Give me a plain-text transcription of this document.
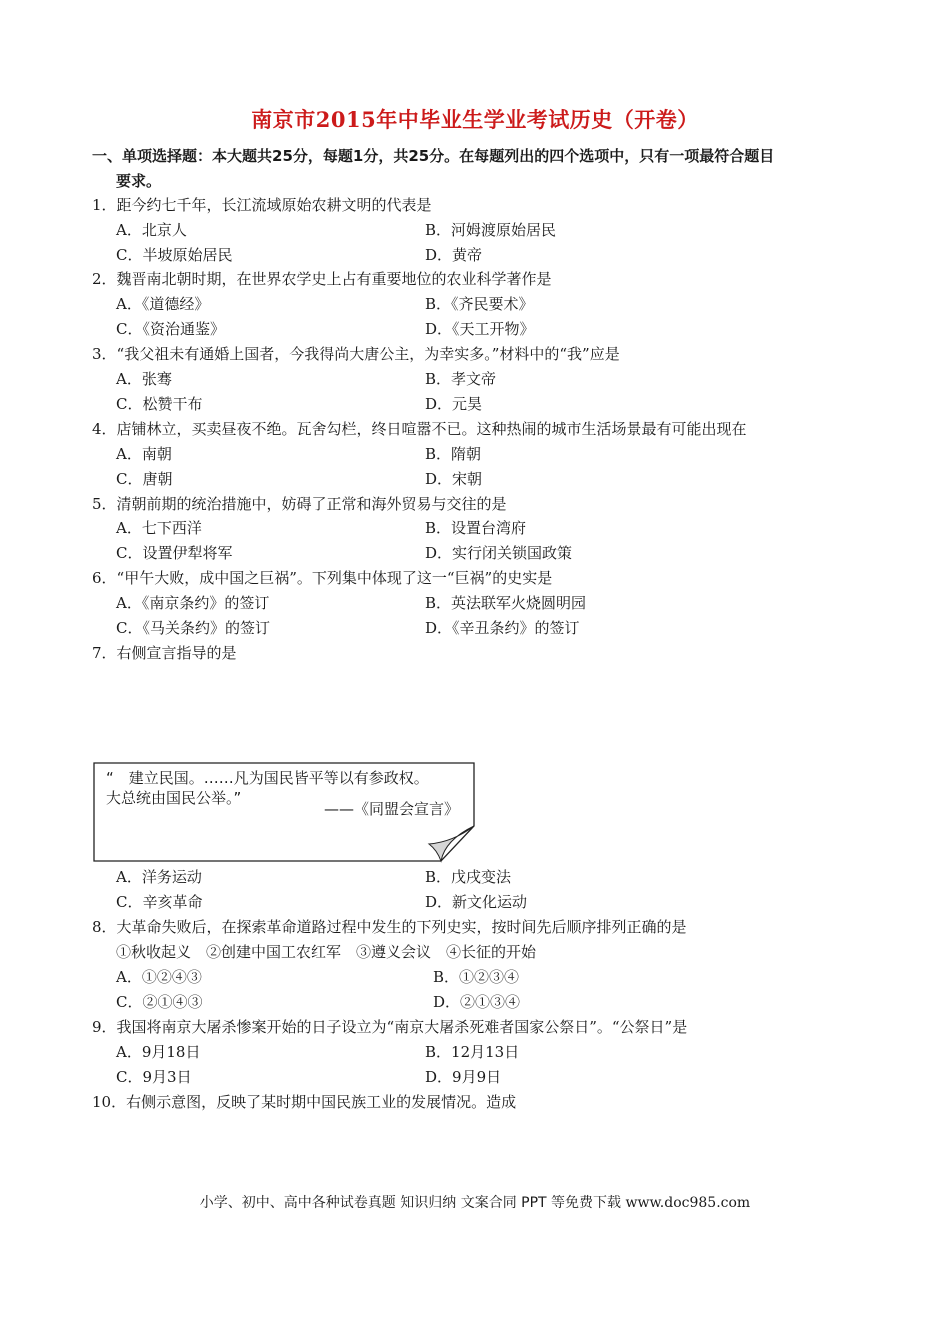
南京市2015年中毕业生学业考试历史（开卷）
一、单项选择题：本大题共25分，每题1分，共25分。在每题列出的四个选项中，只有一项最符合题目
要求。
1．距今约七千年，长江流域原始农耕文明的代表是
A．北京人	B．河姆渡原始居民
C．半坡原始居民	D．黄帝
2．魏晋南北朝时期，在世界农学史上占有重要地位的农业科学著作是
A．《道德经》	B．《齐民要术》
C．《资治通鉴》	D．《天工开物》
3．“我父祖未有通婚上国者，今我得尚大唐公主，为幸实多。”材料中的“我”应是
A．张骞	B．孝文帝
C．松赞干布	D．元昊
4．店铺林立，买卖昼夜不绝。瓦舍勾栏，终日喧嚣不已。这种热闹的城市生活场景最有可能出现在
A．南朝	B．隋朝
C．唐朝	D．宋朝
5．清朝前期的统治措施中，妨碍了正常和海外贸易与交往的是
A．七下西洋	B．设置台湾府
C．设置伊犁将军	D．实行闭关锁国政策
6．“甲午大败，成中国之巨祸”。下列集中体现了这一“巨祸”的史实是
A．《南京条约》的签订	B．英法联军火烧圆明园
C．《马关条约》的签订	D．《辛丑条约》的签订
7．右侧宣言指导的是
“　建立民国。……凡为国民皆平等以有参政权。
大总统由国民公举。”
——《同盟会宣言》
A．洋务运动	B．戊戌变法
C．辛亥革命	D．新文化运动
8．大革命失败后，在探索革命道路过程中发生的下列史实，按时间先后顺序排列正确的是
①秋收起义　②创建中国工农红军　③遵义会议　④长征的开始
A．①②④③	B．①②③④
C．②①④③	D．②①③④
9．我国将南京大屠杀惨案开始的日子设立为“南京大屠杀死难者国家公祭日”。“公祭日”是
A．9月18日	B．12月13日
C．9月3日	D．9月9日
10．右侧示意图，反映了某时期中国民族工业的发展情况。造成
小学、初中、高中各种试卷真题 知识归纳 文案合同 PPT 等免费下载 www.doc985.com
